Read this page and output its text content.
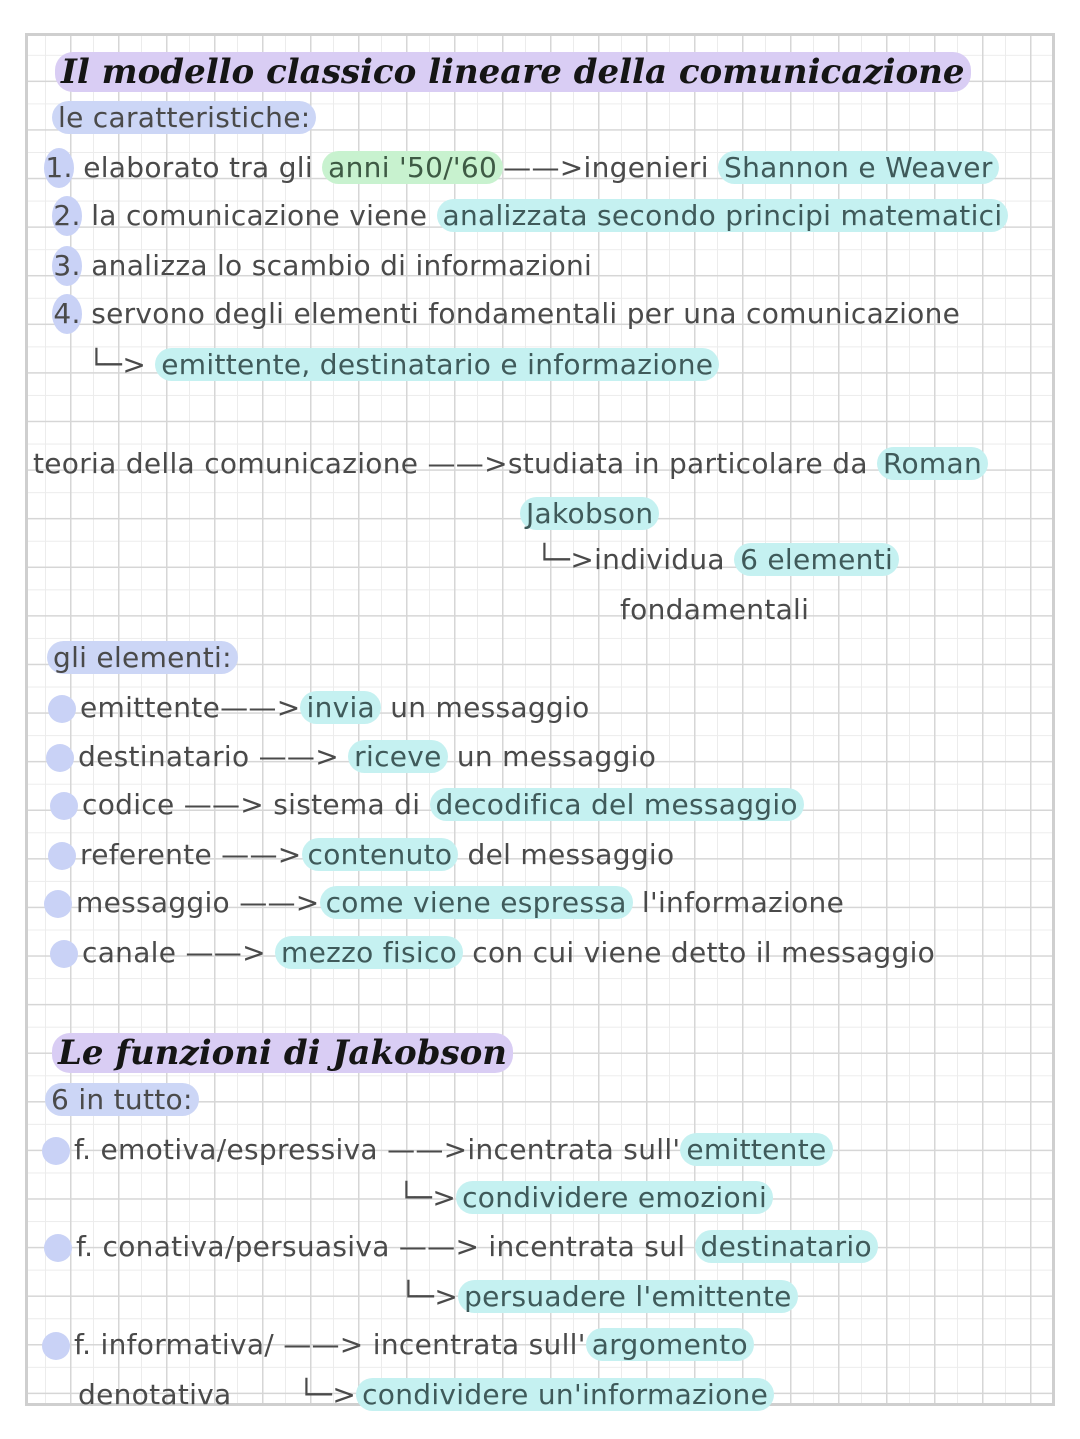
Il modello classico lineare della comunicazione
le caratteristiche:
1. elaborato tra gli anni '50/'60 ——>ingenieri Shannon e Weaver
2. la comunicazione viene analizzata secondo principi matematici
3. analizza lo scambio di informazioni
4. servono degli elementi fondamentali per una comunicazione
└─> emittente, destinatario e informazione
teoria della comunicazione ——>studiata in particolare da Roman
Jakobson
└─>individua 6 elementi
fondamentali
gli elementi:
emittente——> invia un messaggio
destinatario ——> riceve un messaggio
codice ——> sistema di decodifica del messaggio
referente ——> contenuto del messaggio
messaggio ——> come viene espressa l'informazione
canale ——> mezzo fisico con cui viene detto il messaggio
Le funzioni di Jakobson
6 in tutto:
f. emotiva/espressiva ——>incentrata sull' emittente
└─> condividere emozioni
f. conativa/persuasiva ——> incentrata sul destinatario
└─> persuadere l'emittente
f. informativa/ ——> incentrata sull' argomento
denotativa └─> condividere un'informazione
